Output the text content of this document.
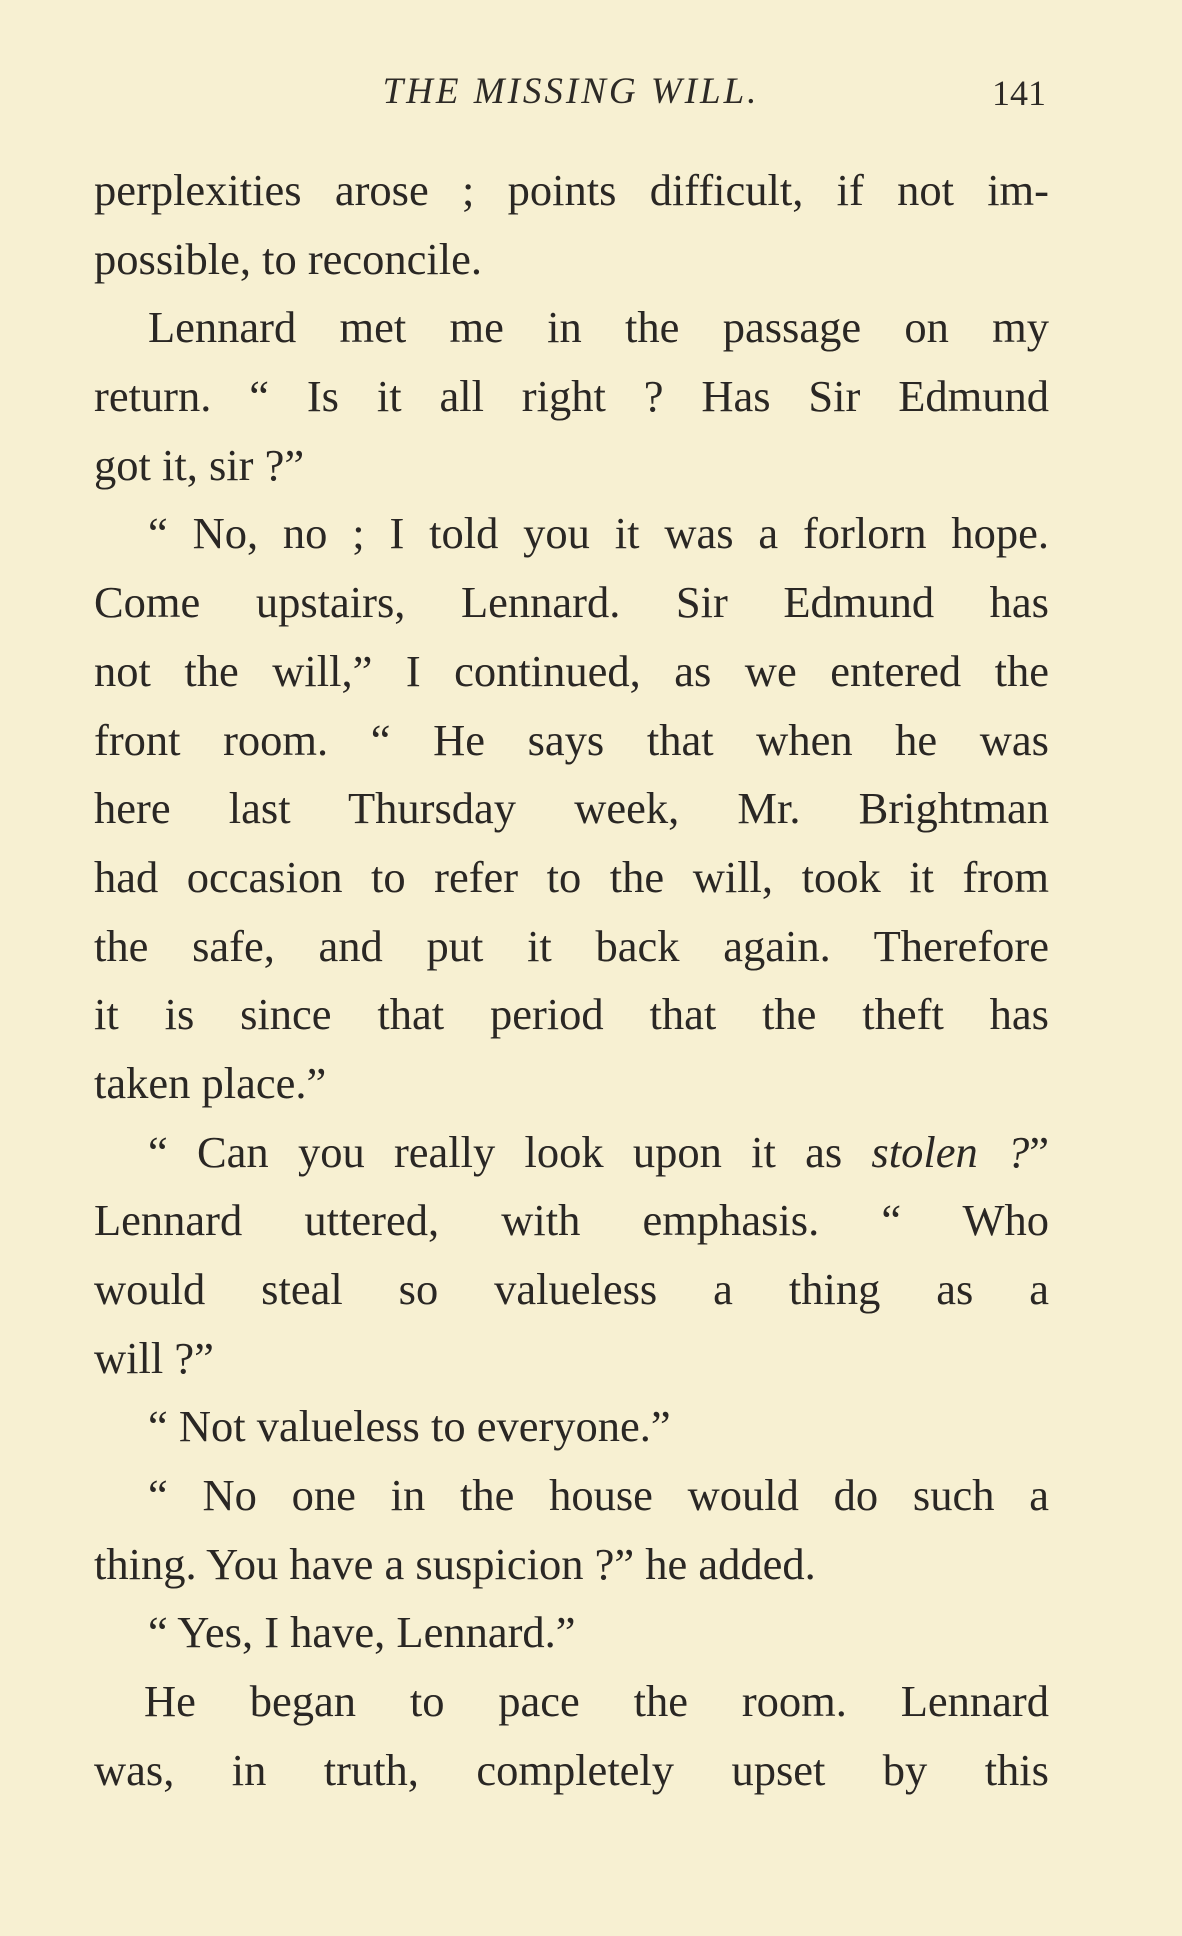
THE MISSING WILL.	141
perplexities arose ; points difficult, if not im-
possible, to reconcile.
Lennard met me in the passage on my
return. “ Is it all right ? Has Sir Edmund
got it, sir ?”
“ No, no ; I told you it was a forlorn hope.
Come upstairs, Lennard. Sir Edmund has
not the will,” I continued, as we entered the
front room. “ He says that when he was
here last Thursday week, Mr. Brightman
had occasion to refer to the will, took it from
the safe, and put it back again. Therefore
it is since that period that the theft has
taken place.”
“ Can you really look upon it as stolen ?”
Lennard uttered, with emphasis. “ Who
would steal so valueless a thing as a
will ?”
“ Not valueless to everyone.”
“ No one in the house would do such a
thing. You have a suspicion ?” he added.
“ Yes, I have, Lennard.”
He began to pace the room. Lennard
was, in truth, completely upset by this
